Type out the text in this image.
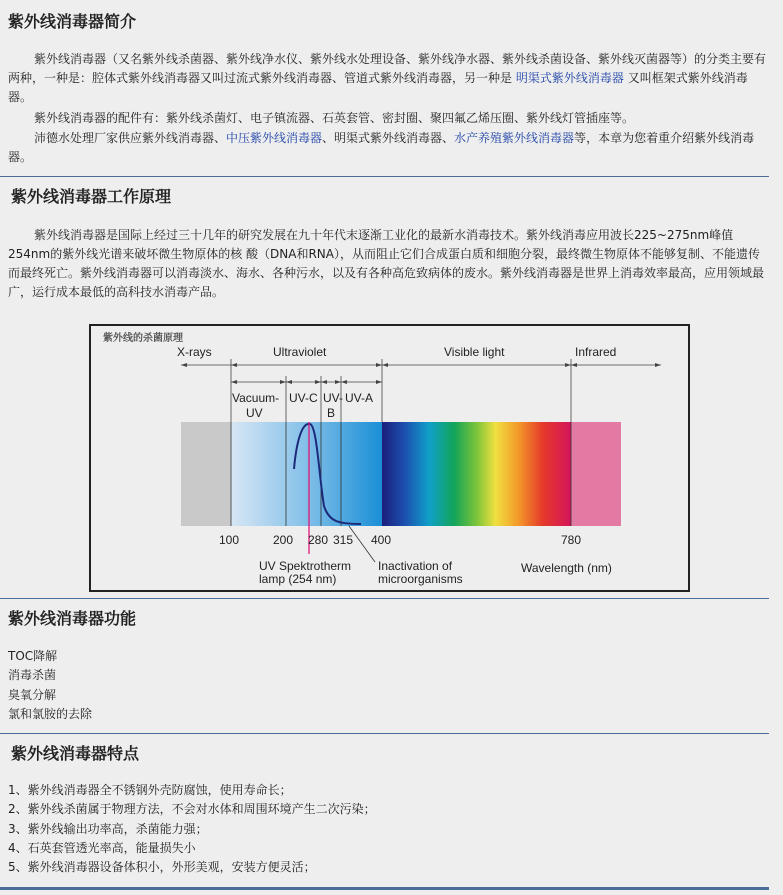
紫外线消毒器简介

紫外线消毒器（又名紫外线杀菌器、紫外线净水仪、紫外线水处理设备、紫外线净水器、紫外线杀菌设备、紫外线灭菌器等）的分类主要有两种，一种是：腔体式紫外线消毒器又叫过流式紫外线消毒器、管道式紫外线消毒器，另一种是 明渠式紫外线消毒器 又叫框架式紫外线消毒器。

紫外线消毒器的配件有：紫外线杀菌灯、电子镇流器、石英套管、密封圈、聚四氟乙烯压圈、紫外线灯管插座等。

沛德水处理厂家供应紫外线消毒器、中压紫外线消毒器、明渠式紫外线消毒器、水产养殖紫外线消毒器等，本章为您着重介绍紫外线消毒器。

紫外线消毒器工作原理

紫外线消毒器是国际上经过三十几年的研究发展在九十年代末逐渐工业化的最新水消毒技术。紫外线消毒应用波长225~275nm峰值254nm的紫外线光谱来破坏微生物原体的核 酸（DNA和RNA），从而阻止它们合成蛋白质和细胞分裂，最终微生物原体不能够复制、不能遗传而最终死亡。紫外线消毒器可以消毒淡水、海水、各种污水，以及有各种高危致病体的废水。紫外线消毒器是世界上消毒效率最高，应用领域最广，运行成本最低的高科技水消毒产品。

紫外线的杀菌原理
X-rays	Ultraviolet	Visible light	Infrared
Vacuum-
UV
UV-C UV-
B
UV-A
100	200 280 315 400	780
UV Spektrotherm
lamp (254 nm)
Inactivation of
microorganisms
Wavelength (nm)
紫外线消毒器功能
TOC降解
消毒杀菌
臭氧分解
氯和氯胺的去除
紫外线消毒器特点
1、紫外线消毒器全不锈钢外壳防腐蚀，使用寿命长；
2、紫外线杀菌属于物理方法，不会对水体和周围环境产生二次污染；
3、紫外线输出功率高，杀菌能力强；
4、石英套管透光率高，能量损失小
5、紫外线消毒器设备体积小，外形美观，安装方便灵活；
